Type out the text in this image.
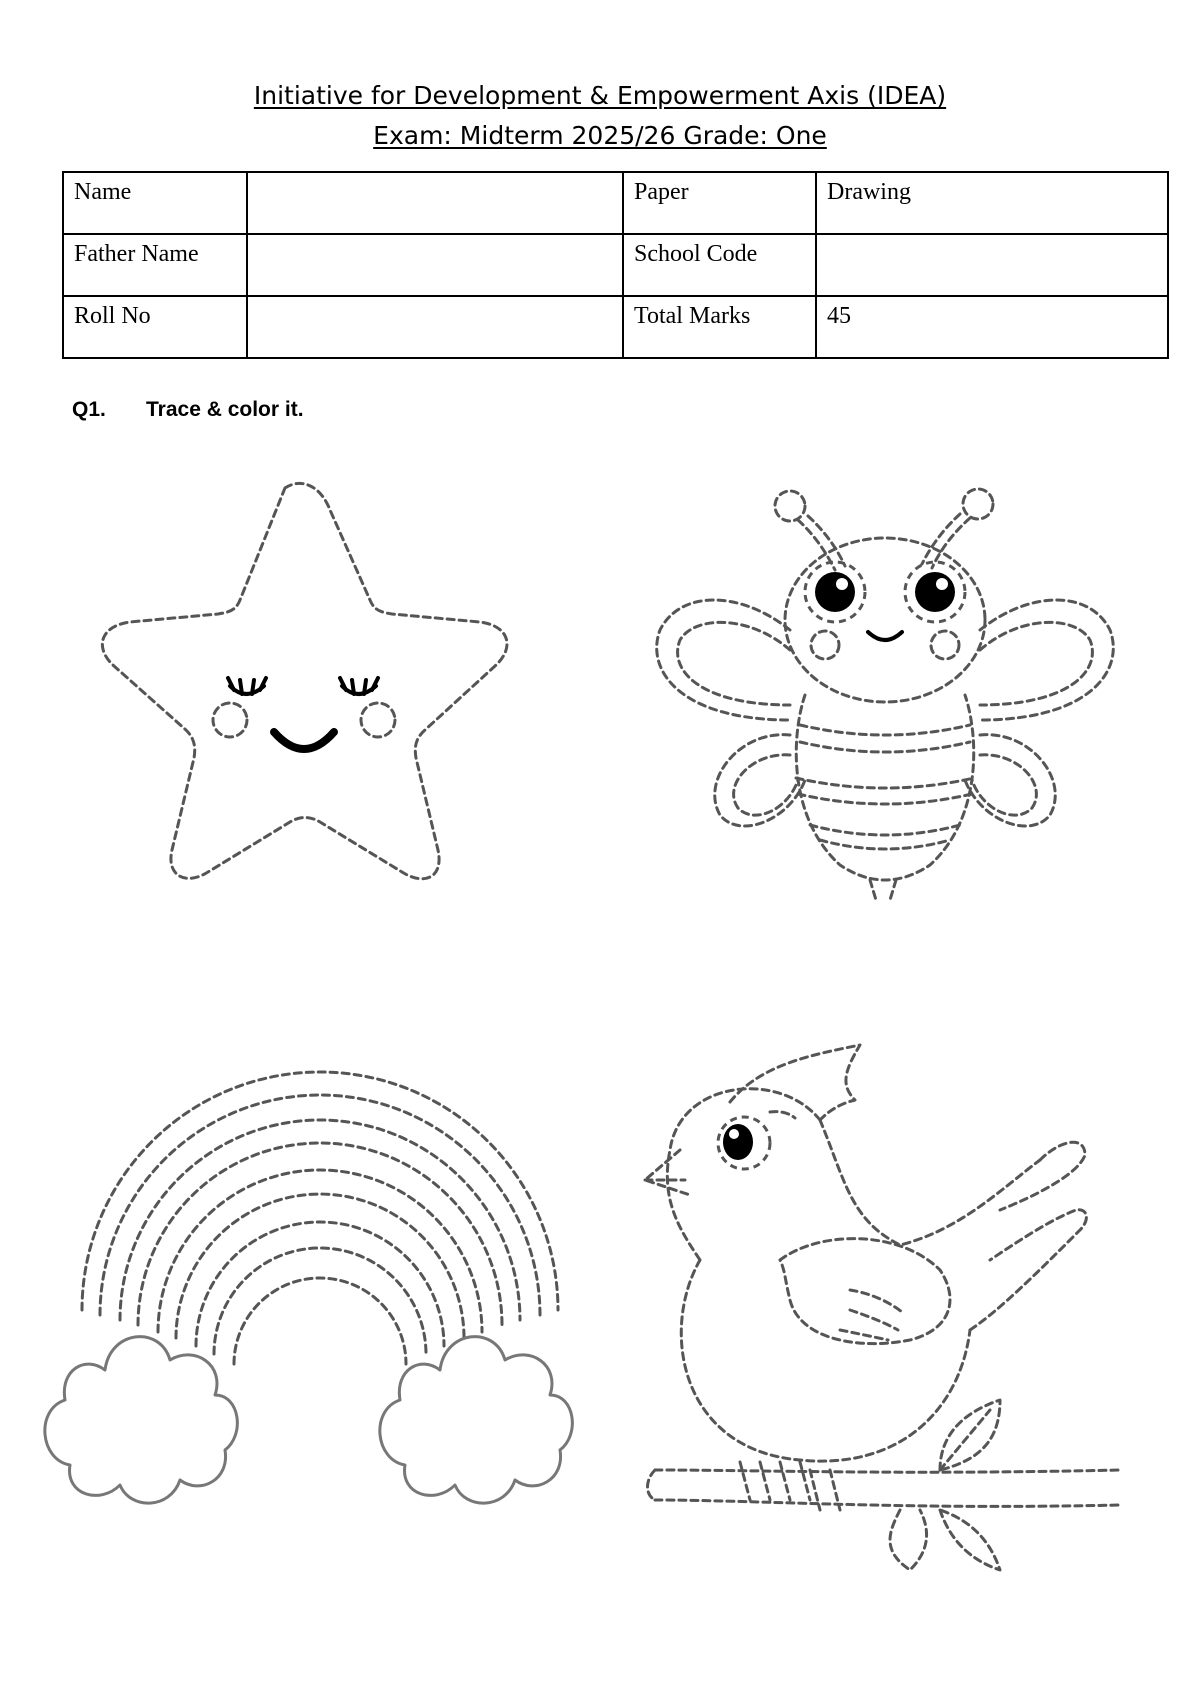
Initiative for Development & Empowerment Axis (IDEA)
Exam: Midterm 2025/26 Grade: One
Name		Paper	Drawing
Father Name		School Code	
Roll No		Total Marks	45
Q1. Trace & color it.
